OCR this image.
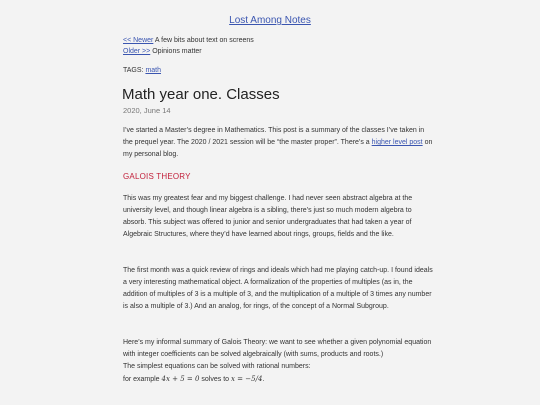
Lost Among Notes
<< Newer A few bits about text on screens
Older >> Opinions matter
TAGS: math
Math year one. Classes
2020, June 14

I’ve started a Master’s degree in Mathematics. This post is a summary of the classes I’ve taken in the prequel year. The 2020 / 2021 session will be “the master proper”. There’s a higher level post on my personal blog.

GALOIS THEORY

This was my greatest fear and my biggest challenge. I had never seen abstract algebra at the university level, and though linear algebra is a sibling, there’s just so much modern algebra to absorb. This subject was offered to junior and senior undergraduates that had taken a year of Algebraic Structures, where they’d have learned about rings, groups, fields and the like.

The first month was a quick review of rings and ideals which had me playing catch-up. I found ideals a very interesting mathematical object. A formalization of the properties of multiples (as in, the addition of multiples of 3 is a multiple of 3, and the multiplication of a multiple of 3 times any number is also a multiple of 3.) And an analog, for rings, of the concept of a Normal Subgroup.

Here’s my informal summary of Galois Theory: we want to see whether a given polynomial equation with integer coefficients can be solved algebraically (with sums, products and roots.)
The simplest equations can be solved with rational numbers:
for example 4x + 5 = 0 solves to x = −5/4.
